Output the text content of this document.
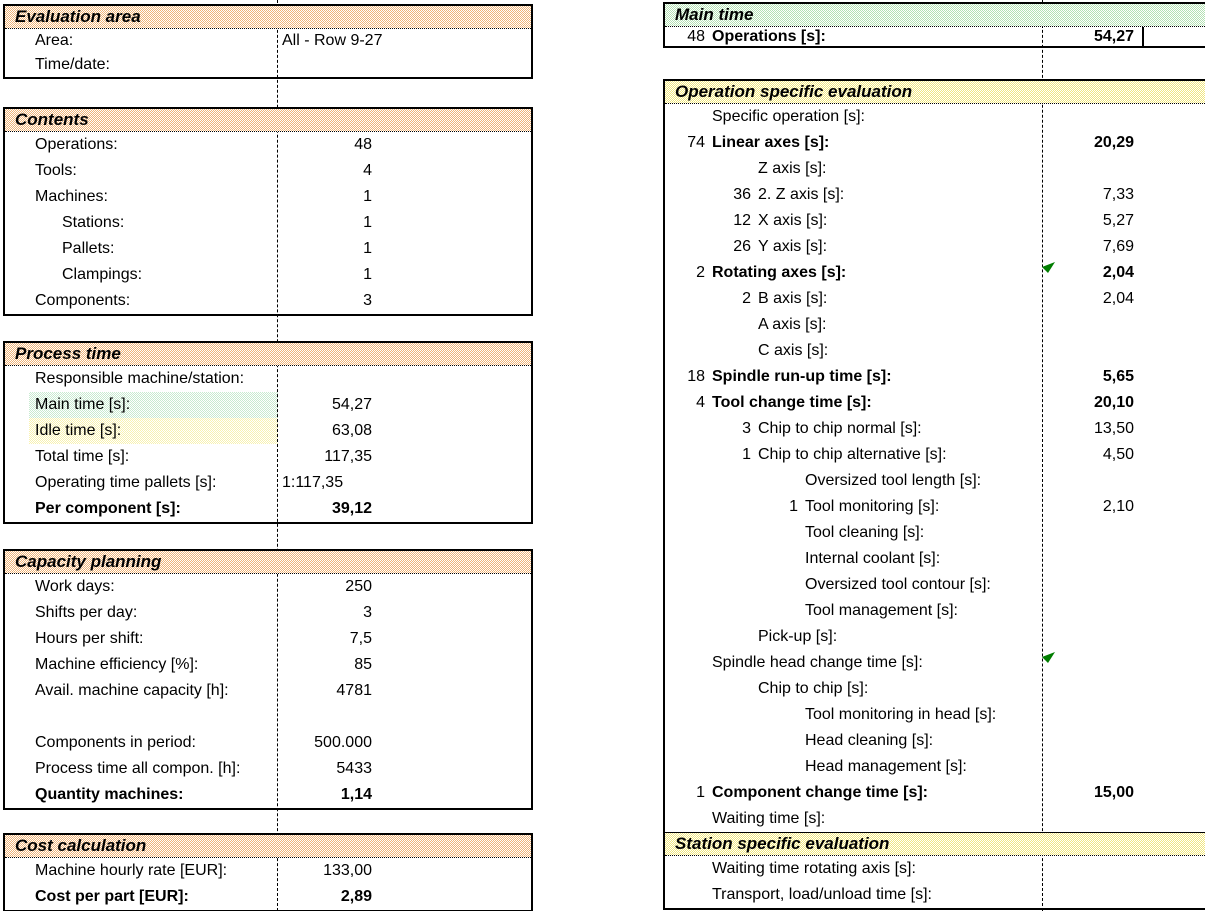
Evaluation area
Area:	All - Row 9-27
Time/date:
Contents
Operations:	48
Tools:	4
Machines:	1
Stations:	1
Pallets:	1
Clampings:	1
Components:	3
Process time
Responsible machine/station:
Main time [s]:	54,27
Idle time [s]:	63,08
Total time [s]:	117,35
Operating time pallets [s]:	1:117,35
Per component [s]:	39,12
Capacity planning
Work days:	250
Shifts per day:	3
Hours per shift:	7,5
Machine efficiency [%]:	85
Avail. machine capacity [h]:	4781
Components in period:	500.000
Process time all compon. [h]:	5433
Quantity machines:	1,14
Cost calculation
Machine hourly rate [EUR]:	133,00
Cost per part [EUR]:	2,89
Main time
48 Operations [s]:	54,27
Operation specific evaluation
Specific operation [s]:
74 Linear axes [s]:	20,29
Z axis [s]:
36 2. Z axis [s]:	7,33
12 X axis [s]:	5,27
26 Y axis [s]:	7,69
2 Rotating axes [s]:	2,04
2 B axis [s]:	2,04
A axis [s]:
C axis [s]:
18 Spindle run-up time [s]:	5,65
4 Tool change time [s]:	20,10
3 Chip to chip normal [s]:	13,50
1 Chip to chip alternative [s]:	4,50
Oversized tool length [s]:
1 Tool monitoring [s]:	2,10
Tool cleaning [s]:
Internal coolant [s]:
Oversized tool contour [s]:
Tool management [s]:
Pick-up [s]:
Spindle head change time [s]:
Chip to chip [s]:
Tool monitoring in head [s]:
Head cleaning [s]:
Head management [s]:
1 Component change time [s]:	15,00
Waiting time [s]:
Station specific evaluation
Waiting time rotating axis [s]:
Transport, load/unload time [s]:
